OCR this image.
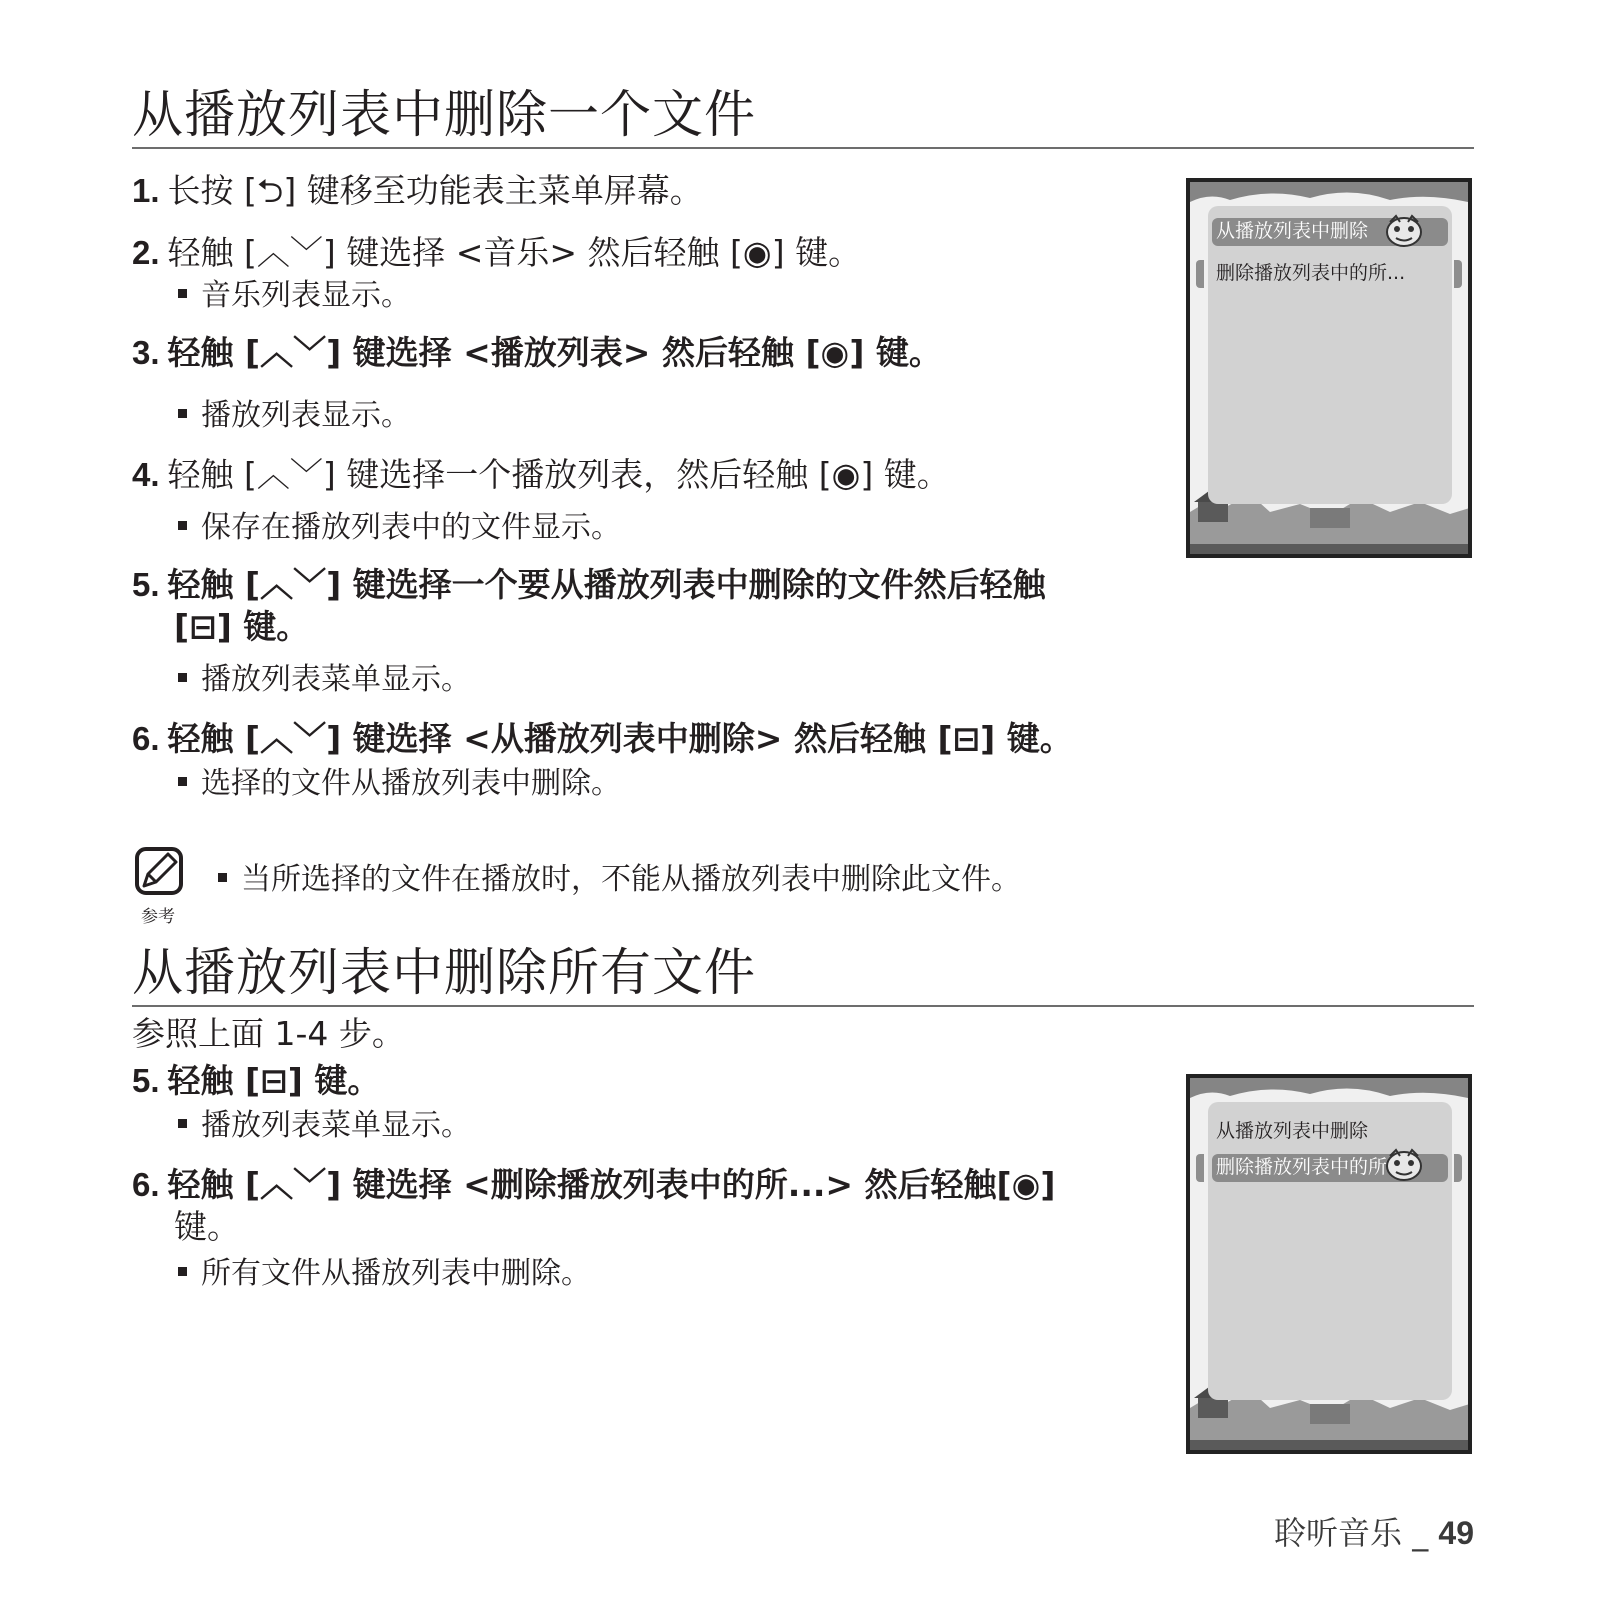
从播放列表中删除一个文件
1. 长按 [⮌] 键移至功能表主菜单屏幕。
2. 轻触 [︿﹀] 键选择 <音乐> 然后轻触 [◉] 键。
音乐列表显示。
3. 轻触 [︿﹀] 键选择 <播放列表> 然后轻触 [◉] 键。
播放列表显示。
4. 轻触 [︿﹀] 键选择一个播放列表，然后轻触 [◉] 键。
保存在播放列表中的文件显示。
5. 轻触 [︿﹀] 键选择一个要从播放列表中删除的文件然后轻触
[⊟] 键。
播放列表菜单显示。
6. 轻触 [︿﹀] 键选择 <从播放列表中删除> 然后轻触 [⊟] 键。
选择的文件从播放列表中删除。
参考
当所选择的文件在播放时，不能从播放列表中删除此文件。
从播放列表中删除
删除播放列表中的所...
从播放列表中删除所有文件
参照上面 1-4 步。
5. 轻触 [⊟] 键。
播放列表菜单显示。
6. 轻触 [︿﹀] 键选择 <删除播放列表中的所...> 然后轻触[◉]
键。
所有文件从播放列表中删除。
从播放列表中删除
删除播放列表中的所
聆听音乐 _ 49
